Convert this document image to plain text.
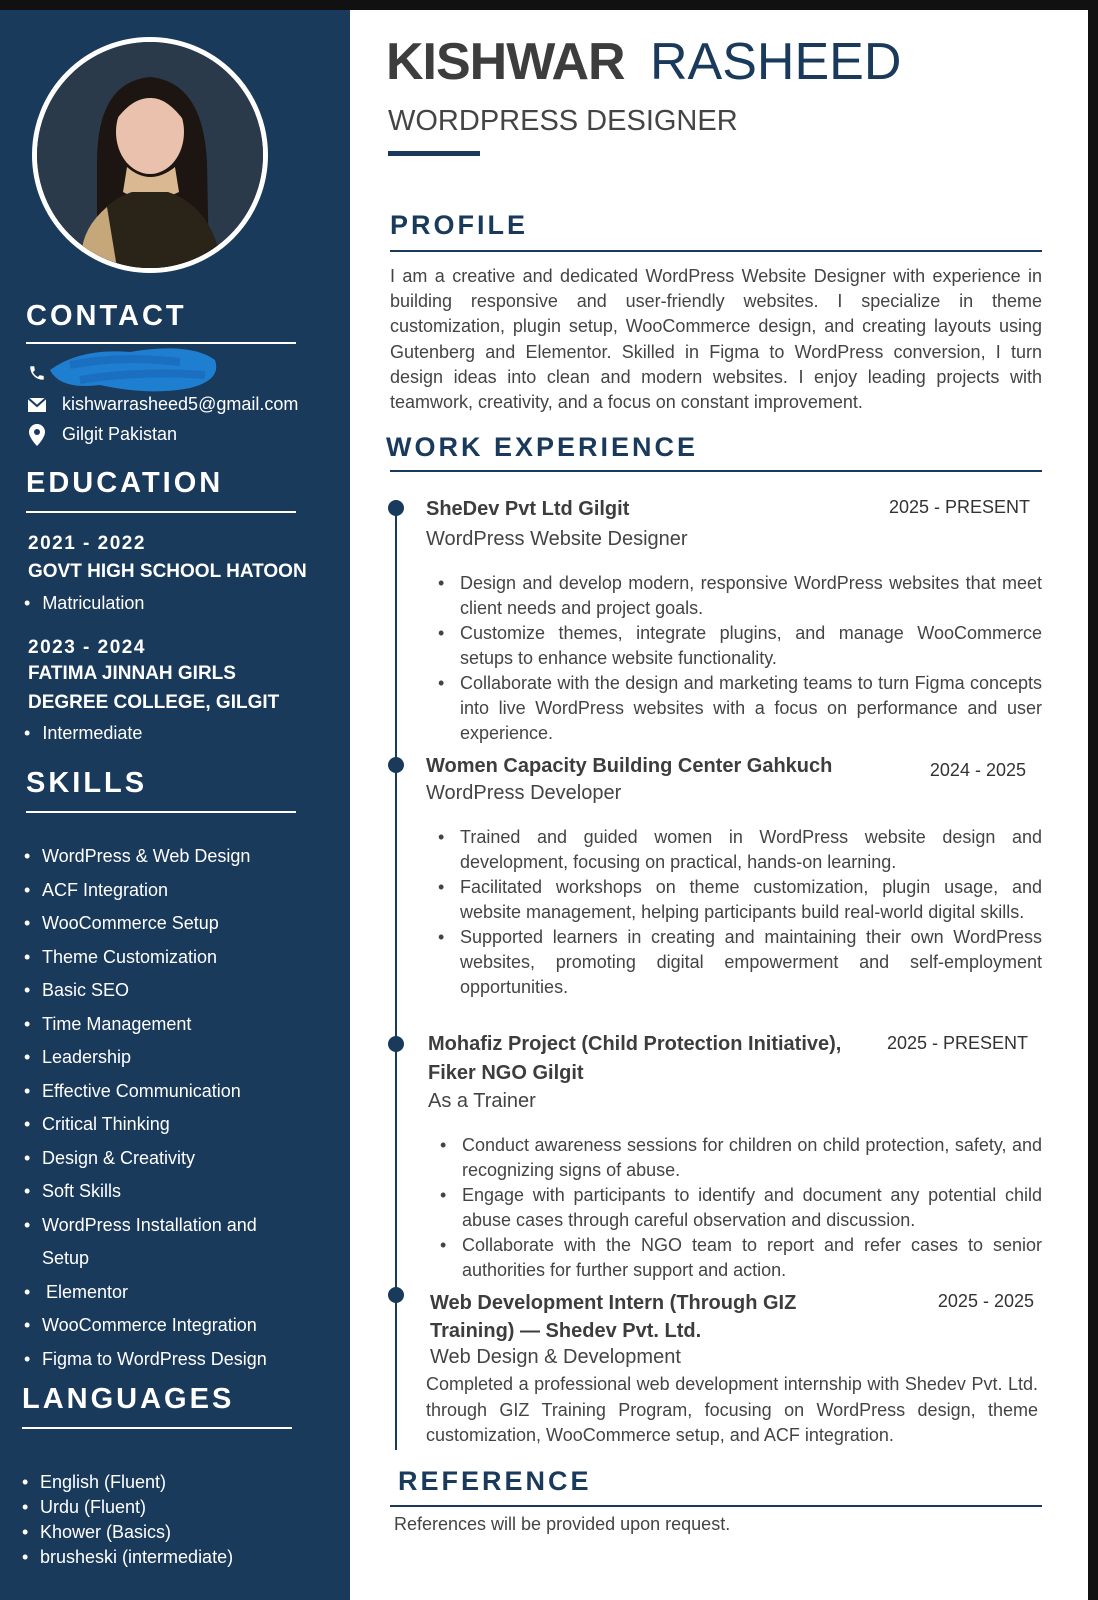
CONTACT
kishwarrasheed5@gmail.com
Gilgit Pakistan
EDUCATION
2021 - 2022
GOVT HIGH SCHOOL HATOON
• Matriculation
2023 - 2024
FATIMA JINNAH GIRLS
DEGREE COLLEGE, GILGIT
• Intermediate
SKILLS
• WordPress & Web Design
• ACF Integration
• WooCommerce Setup
• Theme Customization
• Basic SEO
• Time Management
• Leadership
• Effective Communication
• Critical Thinking
• Design & Creativity
• Soft Skills
• WordPress Installation and
Setup
• Elementor
• WooCommerce Integration
• Figma to WordPress Design
LANGUAGES
• English (Fluent)
• Urdu (Fluent)
• Khower (Basics)
• brusheski (intermediate)
KISHWAR RASHEED
WORDPRESS DESIGNER
PROFILE

I am a creative and dedicated WordPress Website Designer with experience in building responsive and user-friendly websites. I specialize in theme customization, plugin setup, WooCommerce design, and creating layouts using Gutenberg and Elementor. Skilled in Figma to WordPress conversion, I turn design ideas into clean and modern websites. I enjoy leading projects with teamwork, creativity, and a focus on constant improvement.

WORK EXPERIENCE
SheDev Pvt Ltd Gilgit	2025 - PRESENT
WordPress Website Designer
• Design and develop modern, responsive WordPress websites that meet client needs and project goals.
• Customize themes, integrate plugins, and manage WooCommerce setups to enhance website functionality.
• Collaborate with the design and marketing teams to turn Figma concepts into live WordPress websites with a focus on performance and user experience.
Women Capacity Building Center Gahkuch	2024 - 2025
WordPress Developer
• Trained and guided women in WordPress website design and development, focusing on practical, hands-on learning.
• Facilitated workshops on theme customization, plugin usage, and website management, helping participants build real-world digital skills.
• Supported learners in creating and maintaining their own WordPress websites, promoting digital empowerment and self-employment opportunities.
Mohafiz Project (Child Protection Initiative),
Fiker NGO Gilgit
2025 - PRESENT
As a Trainer
• Conduct awareness sessions for children on child protection, safety, and recognizing signs of abuse.
• Engage with participants to identify and document any potential child abuse cases through careful observation and discussion.
• Collaborate with the NGO team to report and refer cases to senior authorities for further support and action.
Web Development Intern (Through GIZ
Training) — Shedev Pvt. Ltd.
2025 - 2025
Web Design & Development

Completed a professional web development internship with Shedev Pvt. Ltd. through GIZ Training Program, focusing on WordPress design, theme customization, WooCommerce setup, and ACF integration.

REFERENCE
References will be provided upon request.
